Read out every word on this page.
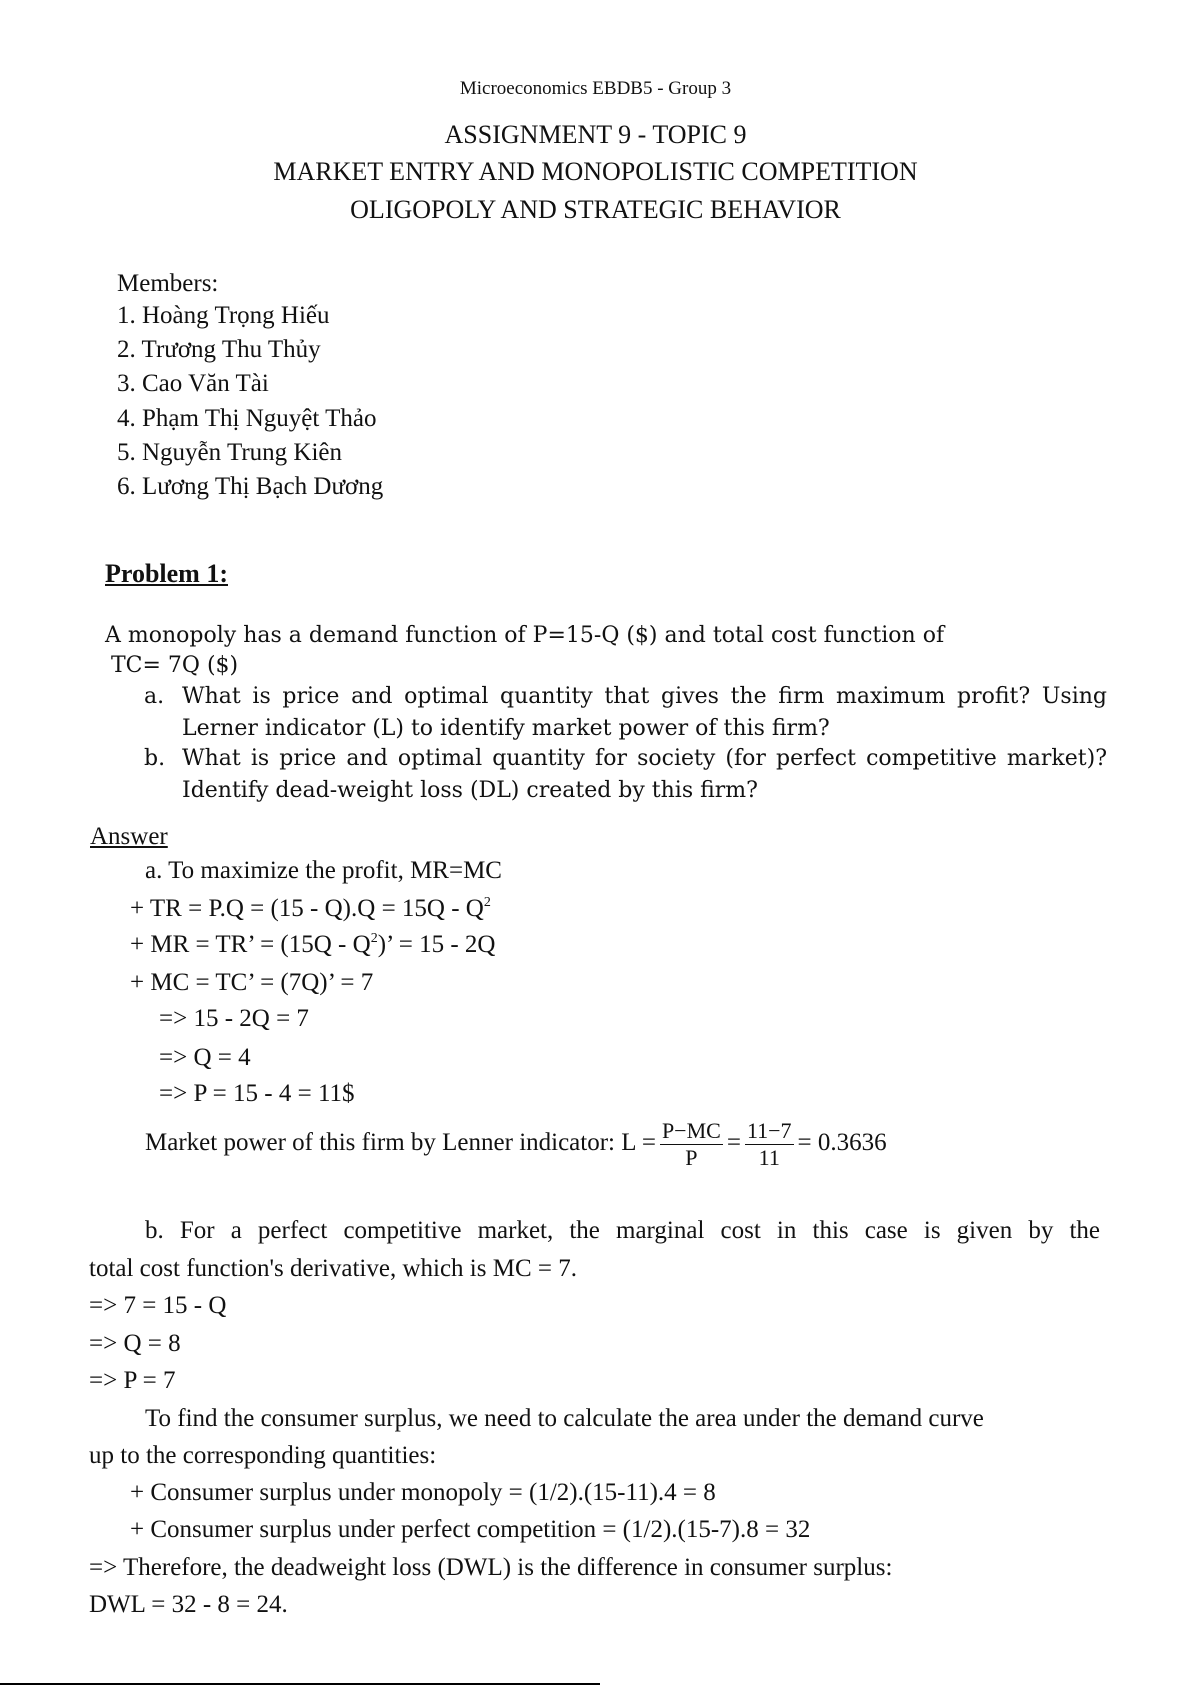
Microeconomics EBDB5 - Group 3
ASSIGNMENT 9 - TOPIC 9
MARKET ENTRY AND MONOPOLISTIC COMPETITION
OLIGOPOLY AND STRATEGIC BEHAVIOR
Members:
1. Hoàng Trọng Hiếu
2. Trương Thu Thủy
3. Cao Văn Tài
4. Phạm Thị Nguyệt Thảo
5. Nguyễn Trung Kiên
6. Lương Thị Bạch Dương
Problem 1:
A monopoly has a demand function of P=15-Q ($) and total cost function of
TC= 7Q ($)
a. What is price and optimal quantity that gives the firm maximum profit? Using
Lerner indicator (L) to identify market power of this firm?
b. What is price and optimal quantity for society (for perfect competitive market)?
Identify dead-weight loss (DL) created by this firm?
Answer
a. To maximize the profit, MR=MC
+ TR = $P.Q = (15 - Q).Q = 15Q - Q^2$
+ MR = TR’ = $(15Q - Q^2)$’ = 15 - 2Q
+ MC = TC’ = (7Q)’ = 7
=> 15 - 2Q = 7
=> Q = 4
=> P = 15 - 4 = 11$
Market power of this firm by Lenner indicator: $L = \frac{P-MC}{P} = \frac{11-7}{11} = 0.3636$
b. For a perfect competitive market, the marginal cost in this case is given by the
total cost function's derivative, which is MC = 7.
=> 7 = 15 - Q
=> Q = 8
=> P = 7
To find the consumer surplus, we need to calculate the area under the demand curve
up to the corresponding quantities:
+ Consumer surplus under monopoly = (1/2).(15-11).4 = 8
+ Consumer surplus under perfect competition = (1/2).(15-7).8 = 32
=> Therefore, the deadweight loss (DWL) is the difference in consumer surplus:
DWL = 32 - 8 = 24.
